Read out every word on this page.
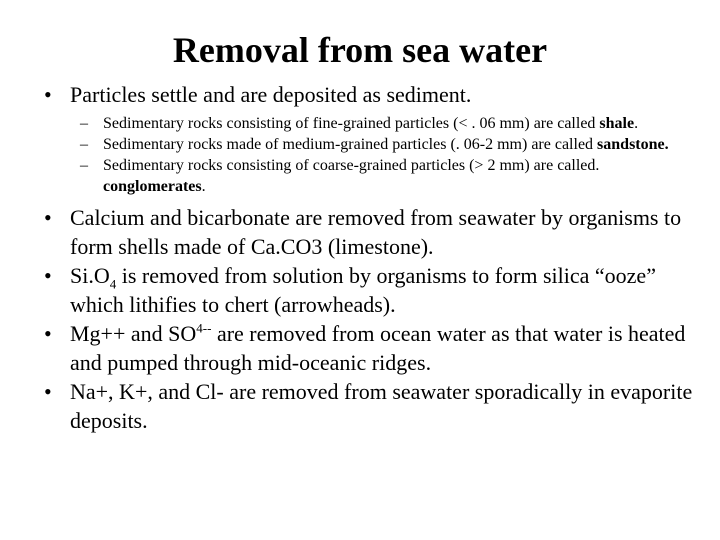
Removal from sea water

• Particles settle and are deposited as sediment.

– Sedimentary rocks consisting of fine-grained particles (< . 06 mm) are called shale.

– Sedimentary rocks made of medium-grained particles (. 06-2 mm) are called sandstone.

– Sedimentary rocks consisting of coarse-grained particles (> 2 mm) are called. conglomerates.

• Calcium and bicarbonate are removed from seawater by organisms to form shells made of Ca.CO3 (limestone).

• $Si.O_4$ is removed from solution by organisms to form silica “ooze” which lithifies to chert (arrowheads).

• Mg++ and $SO^{4--}$ are removed from ocean water as that water is heated and pumped through mid-oceanic ridges.

• Na+, K+, and Cl- are removed from seawater sporadically in evaporite deposits.
